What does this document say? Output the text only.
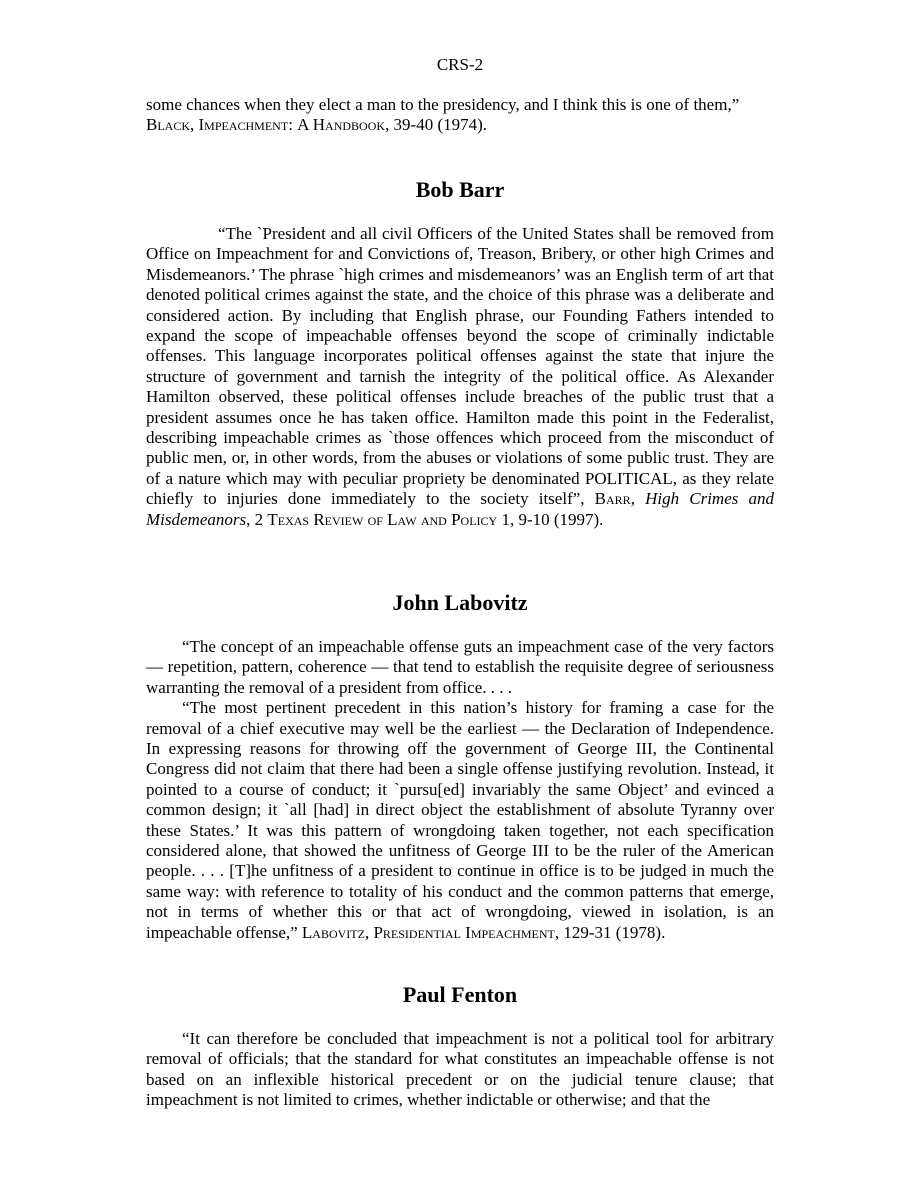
CRS-2

some chances when they elect a man to the presidency, and I think this is one of them,”

Black, Impeachment: A Handbook, 39-40 (1974).

Bob Barr

“The `President and all civil Officers of the United States shall be removed from Office on Impeachment for and Convictions of, Treason, Bribery, or other high Crimes and Misdemeanors.’ The phrase `high crimes and misdemeanors’ was an English term of art that denoted political crimes against the state, and the choice of this phrase was a deliberate and considered action. By including that English phrase, our Founding Fathers intended to expand the scope of impeachable offenses beyond the scope of criminally indictable offenses. This language incorporates political offenses against the state that injure the structure of government and tarnish the integrity of the political office. As Alexander Hamilton observed, these political offenses include breaches of the public trust that a president assumes once he has taken office. Hamilton made this point in the Federalist, describing impeachable crimes as `those offences which proceed from the misconduct of public men, or, in other words, from the abuses or violations of some public trust. They are of a nature which may with peculiar propriety be denominated POLITICAL, as they relate chiefly to injuries done immediately to the society itself”, Barr, High Crimes and Misdemeanors, 2 Texas Review of Law and Policy 1, 9-10 (1997).

John Labovitz

“The concept of an impeachable offense guts an impeachment case of the very factors — repetition, pattern, coherence — that tend to establish the requisite degree of seriousness warranting the removal of a president from office. . . .

“The most pertinent precedent in this nation’s history for framing a case for the removal of a chief executive may well be the earliest — the Declaration of Independence. In expressing reasons for throwing off the government of George III, the Continental Congress did not claim that there had been a single offense justifying revolution. Instead, it pointed to a course of conduct; it `pursu[ed] invariably the same Object’ and evinced a common design; it `all [had] in direct object the establishment of absolute Tyranny over these States.’ It was this pattern of wrongdoing taken together, not each specification considered alone, that showed the unfitness of George III to be the ruler of the American people. . . . [T]he unfitness of a president to continue in office is to be judged in much the same way: with reference to totality of his conduct and the common patterns that emerge, not in terms of whether this or that act of wrongdoing, viewed in isolation, is an impeachable offense,” Labovitz, Presidential Impeachment, 129-31 (1978).

Paul Fenton

“It can therefore be concluded that impeachment is not a political tool for arbitrary removal of officials; that the standard for what constitutes an impeachable offense is not based on an inflexible historical precedent or on the judicial tenure clause; that impeachment is not limited to crimes, whether indictable or otherwise; and that the
